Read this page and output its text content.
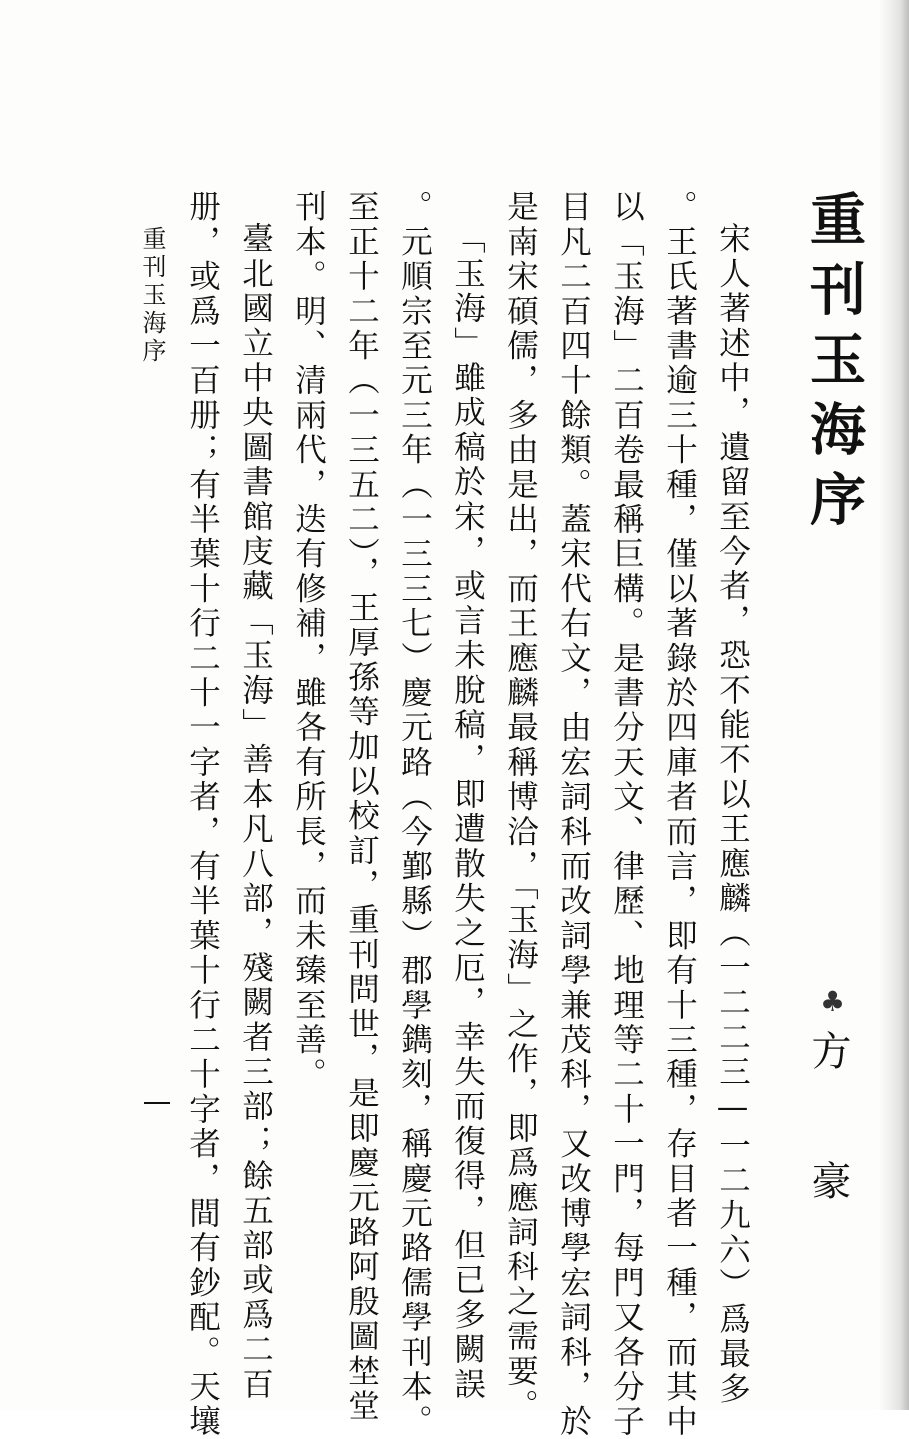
重刊玉海序
♣
方 豪
宋人著述中，遺留至今者，恐不能不以王應麟（一二二三—一二九六）爲最多
。王氏著書逾三十種，僅以著錄於四庫者而言，即有十三種，存目者一種，而其中
以「玉海」二百卷最稱巨構。是書分天文、律歷、地理等二十一門，每門又各分子
目凡二百四十餘類。蓋宋代右文，由宏詞科而改詞學兼茂科，又改博學宏詞科，於
是南宋碩儒，多由是出，而王應麟最稱博洽，「玉海」之作，即爲應詞科之需要。
「玉海」雖成稿於宋，或言未脫稿，即遭散失之厄，幸失而復得，但已多闕誤
。元順宗至元三年（一三三七）慶元路（今鄞縣）郡學鐫刻，稱慶元路儒學刊本。
至正十二年（一三五二），王厚孫等加以校訂，重刊問世，是即慶元路阿殷圖埜堂
刊本。明、清兩代，迭有修補，雖各有所長，而未臻至善。
臺北國立中央圖書館庋藏「玉海」善本凡八部，殘闕者三部；餘五部或爲二百
册，或爲一百册；有半葉十行二十一字者，有半葉十行二十字者，間有鈔配。天壤
重刊玉海序
